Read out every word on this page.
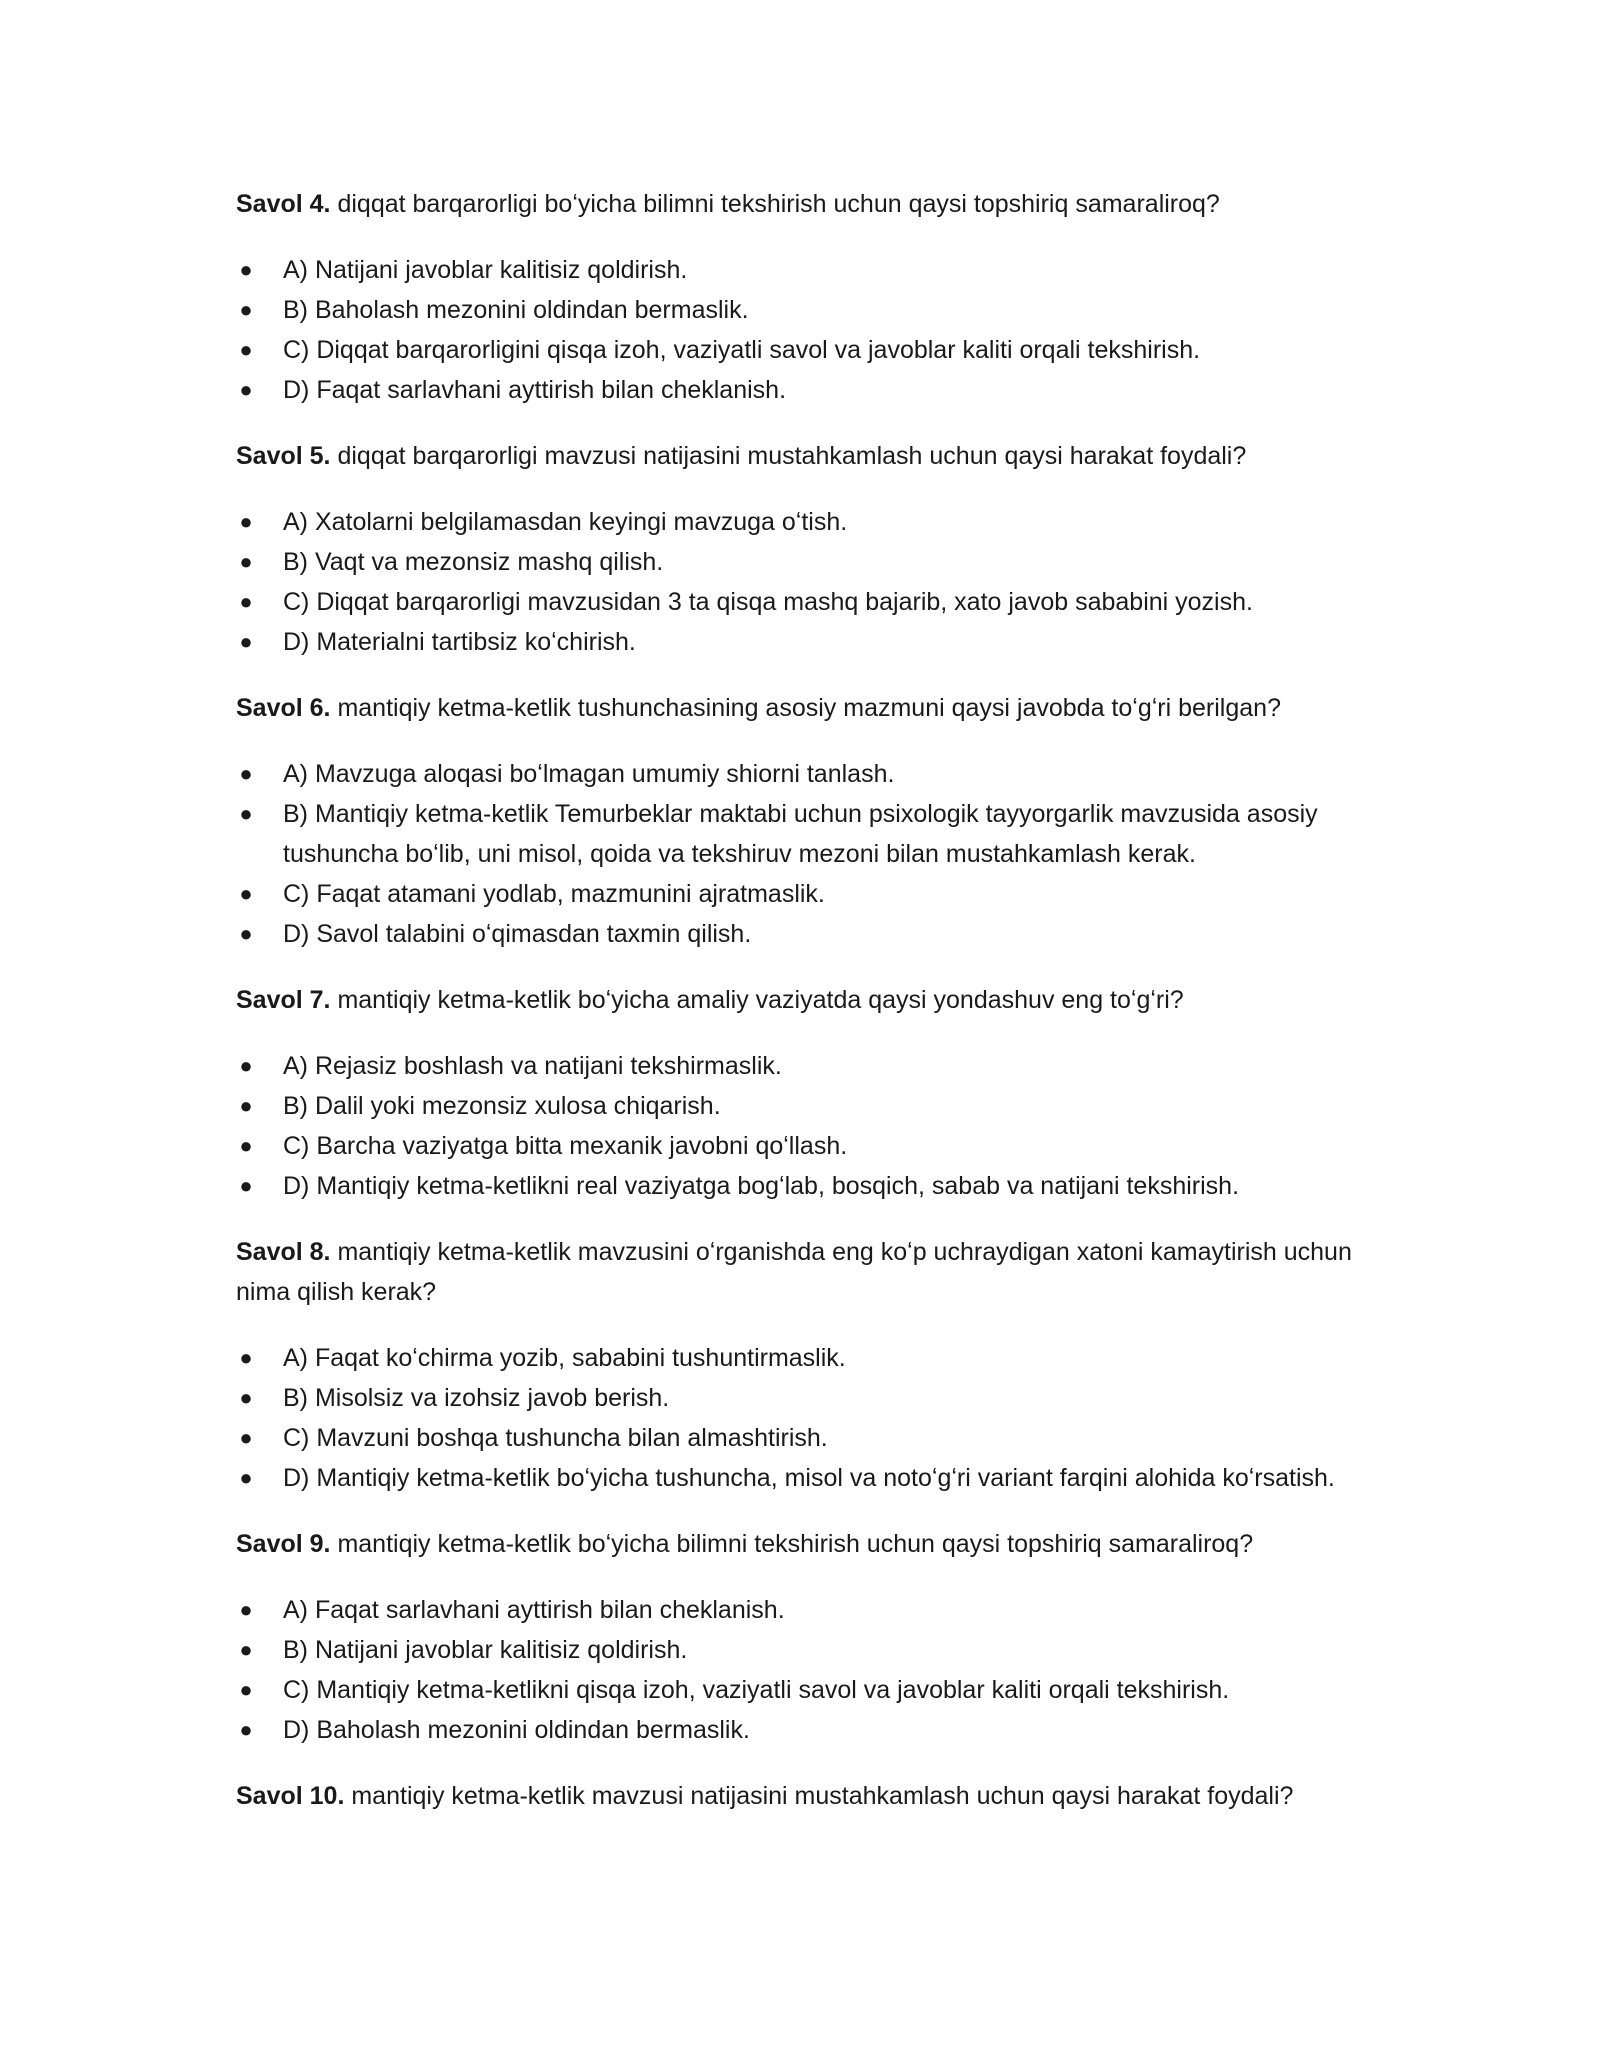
Savol 4. diqqat barqarorligi boʻyicha bilimni tekshirish uchun qaysi topshiriq samaraliroq?

● A) Natijani javoblar kalitisiz qoldirish.
● B) Baholash mezonini oldindan bermaslik.
● C) Diqqat barqarorligini qisqa izoh, vaziyatli savol va javoblar kaliti orqali tekshirish.
● D) Faqat sarlavhani ayttirish bilan cheklanish.

Savol 5. diqqat barqarorligi mavzusi natijasini mustahkamlash uchun qaysi harakat foydali?

● A) Xatolarni belgilamasdan keyingi mavzuga oʻtish.
● B) Vaqt va mezonsiz mashq qilish.
● C) Diqqat barqarorligi mavzusidan 3 ta qisqa mashq bajarib, xato javob sababini yozish.
● D) Materialni tartibsiz koʻchirish.

Savol 6. mantiqiy ketma-ketlik tushunchasining asosiy mazmuni qaysi javobda toʻgʻri berilgan?

● A) Mavzuga aloqasi boʻlmagan umumiy shiorni tanlash.
● B) Mantiqiy ketma-ketlik Temurbeklar maktabi uchun psixologik tayyorgarlik mavzusida asosiy tushuncha boʻlib, uni misol, qoida va tekshiruv mezoni bilan mustahkamlash kerak.
● C) Faqat atamani yodlab, mazmunini ajratmaslik.
● D) Savol talabini oʻqimasdan taxmin qilish.

Savol 7. mantiqiy ketma-ketlik boʻyicha amaliy vaziyatda qaysi yondashuv eng toʻgʻri?

● A) Rejasiz boshlash va natijani tekshirmaslik.
● B) Dalil yoki mezonsiz xulosa chiqarish.
● C) Barcha vaziyatga bitta mexanik javobni qoʻllash.
● D) Mantiqiy ketma-ketlikni real vaziyatga bogʻlab, bosqich, sabab va natijani tekshirish.

Savol 8. mantiqiy ketma-ketlik mavzusini oʻrganishda eng koʻp uchraydigan xatoni kamaytirish uchun nima qilish kerak?

● A) Faqat koʻchirma yozib, sababini tushuntirmaslik.
● B) Misolsiz va izohsiz javob berish.
● C) Mavzuni boshqa tushuncha bilan almashtirish.
● D) Mantiqiy ketma-ketlik boʻyicha tushuncha, misol va notoʻgʻri variant farqini alohida koʻrsatish.

Savol 9. mantiqiy ketma-ketlik boʻyicha bilimni tekshirish uchun qaysi topshiriq samaraliroq?

● A) Faqat sarlavhani ayttirish bilan cheklanish.
● B) Natijani javoblar kalitisiz qoldirish.
● C) Mantiqiy ketma-ketlikni qisqa izoh, vaziyatli savol va javoblar kaliti orqali tekshirish.
● D) Baholash mezonini oldindan bermaslik.

Savol 10. mantiqiy ketma-ketlik mavzusi natijasini mustahkamlash uchun qaysi harakat foydali?
